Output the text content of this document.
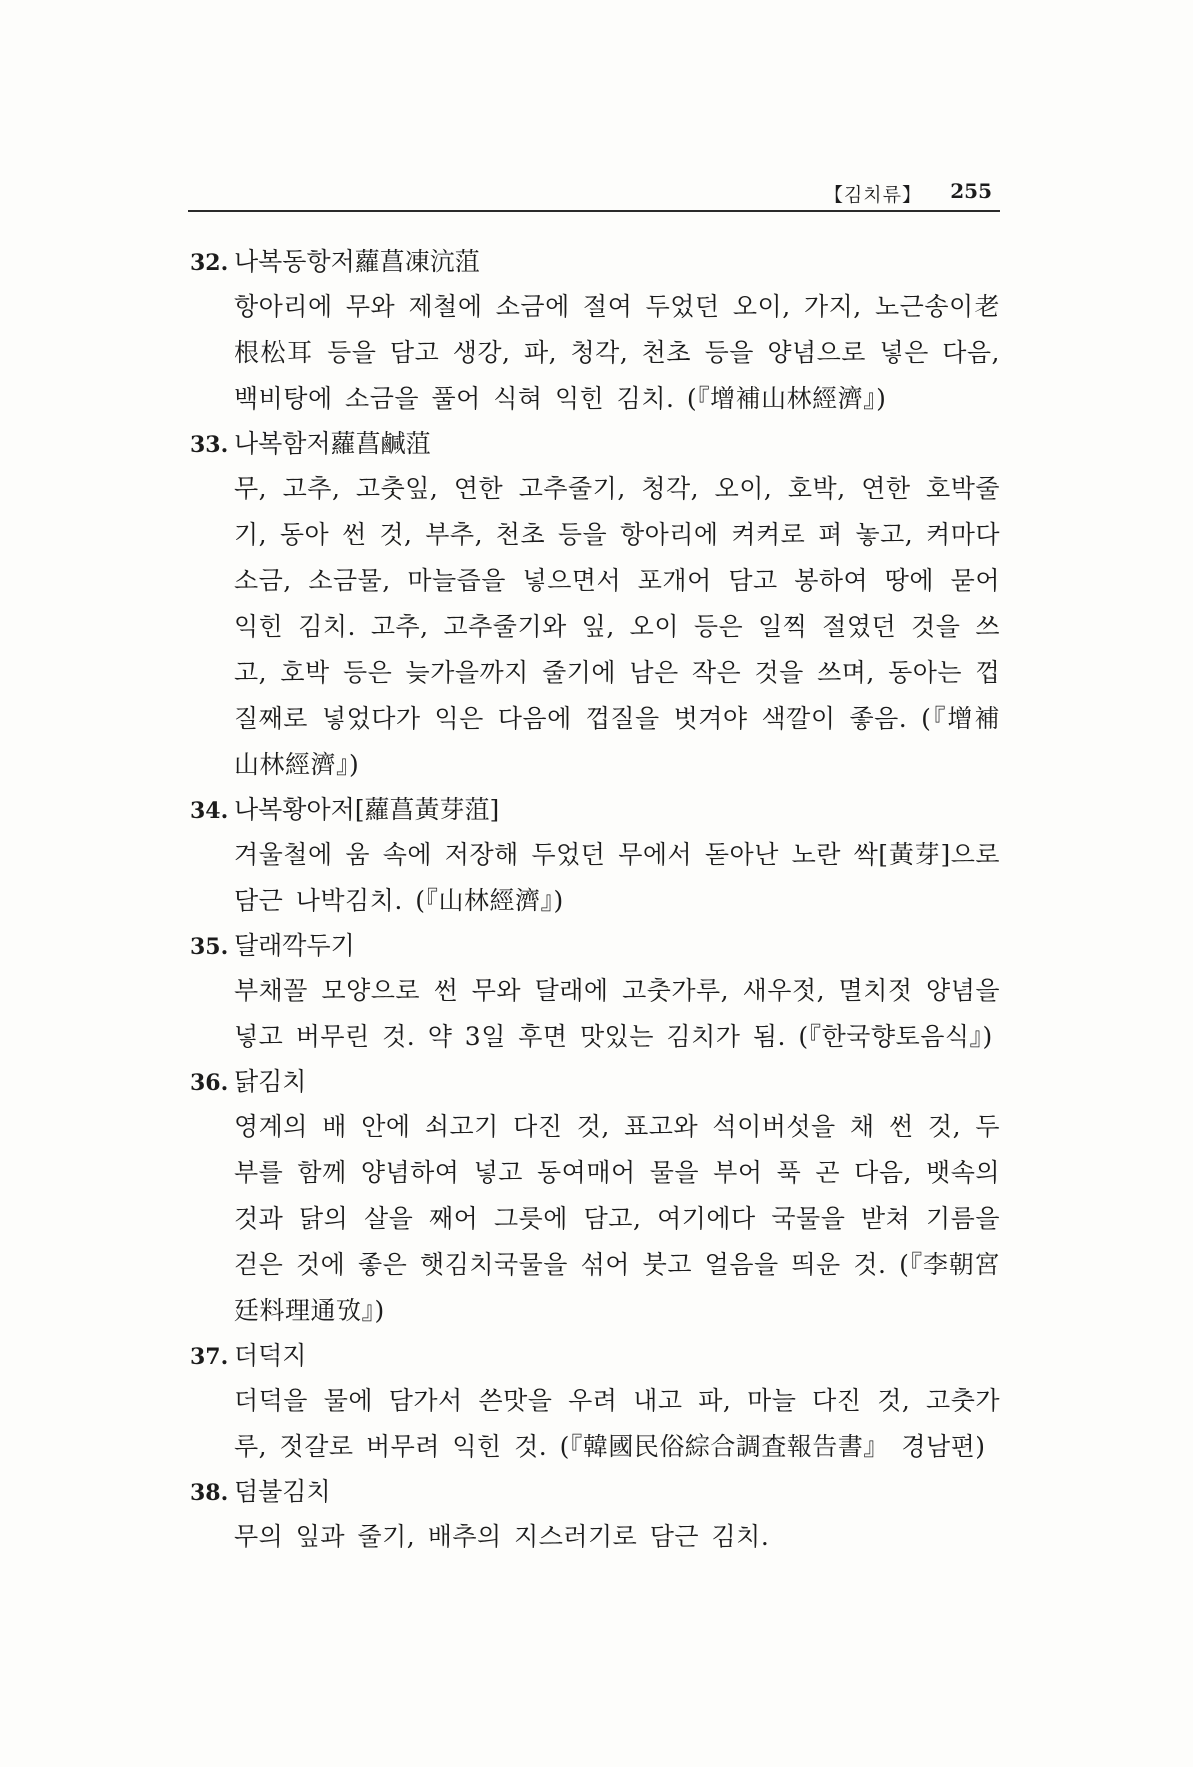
【김치류】 255
32. 나복동항저蘿菖凍沆菹

항아리에 무와 제철에 소금에 절여 두었던 오이, 가지, 노근송이老根松耳 등을 담고 생강, 파, 청각, 천초 등을 양념으로 넣은 다음, 백비탕에 소금을 풀어 식혀 익힌 김치. (『增補山林經濟』)

33. 나복함저蘿菖鹹菹

무, 고추, 고춧잎, 연한 고추줄기, 청각, 오이, 호박, 연한 호박줄기, 동아 썬 것, 부추, 천초 등을 항아리에 켜켜로 펴 놓고, 켜마다 소금, 소금물, 마늘즙을 넣으면서 포개어 담고 봉하여 땅에 묻어 익힌 김치. 고추, 고추줄기와 잎, 오이 등은 일찍 절였던 것을 쓰고, 호박 등은 늦가을까지 줄기에 남은 작은 것을 쓰며, 동아는 껍질째로 넣었다가 익은 다음에 껍질을 벗겨야 색깔이 좋음. (『增補山林經濟』)

34. 나복황아저[蘿菖黃芽菹]

겨울철에 움 속에 저장해 두었던 무에서 돋아난 노란 싹[黃芽]으로 담근 나박김치. (『山林經濟』)

35. 달래깍두기

부채꼴 모양으로 썬 무와 달래에 고춧가루, 새우젓, 멸치젓 양념을 넣고 버무린 것. 약 3일 후면 맛있는 김치가 됨. (『한국향토음식』)

36. 닭김치

영계의 배 안에 쇠고기 다진 것, 표고와 석이버섯을 채 썬 것, 두부를 함께 양념하여 넣고 동여매어 물을 부어 푹 곤 다음, 뱃속의 것과 닭의 살을 째어 그릇에 담고, 여기에다 국물을 받쳐 기름을 걷은 것에 좋은 햇김치국물을 섞어 붓고 얼음을 띄운 것. (『李朝宮廷料理通攷』)

37. 더덕지

더덕을 물에 담가서 쓴맛을 우려 내고 파, 마늘 다진 것, 고춧가루, 젓갈로 버무려 익힌 것. (『韓國民俗綜合調査報告書』 경남편)

38. 덤불김치

무의 잎과 줄기, 배추의 지스러기로 담근 김치.
